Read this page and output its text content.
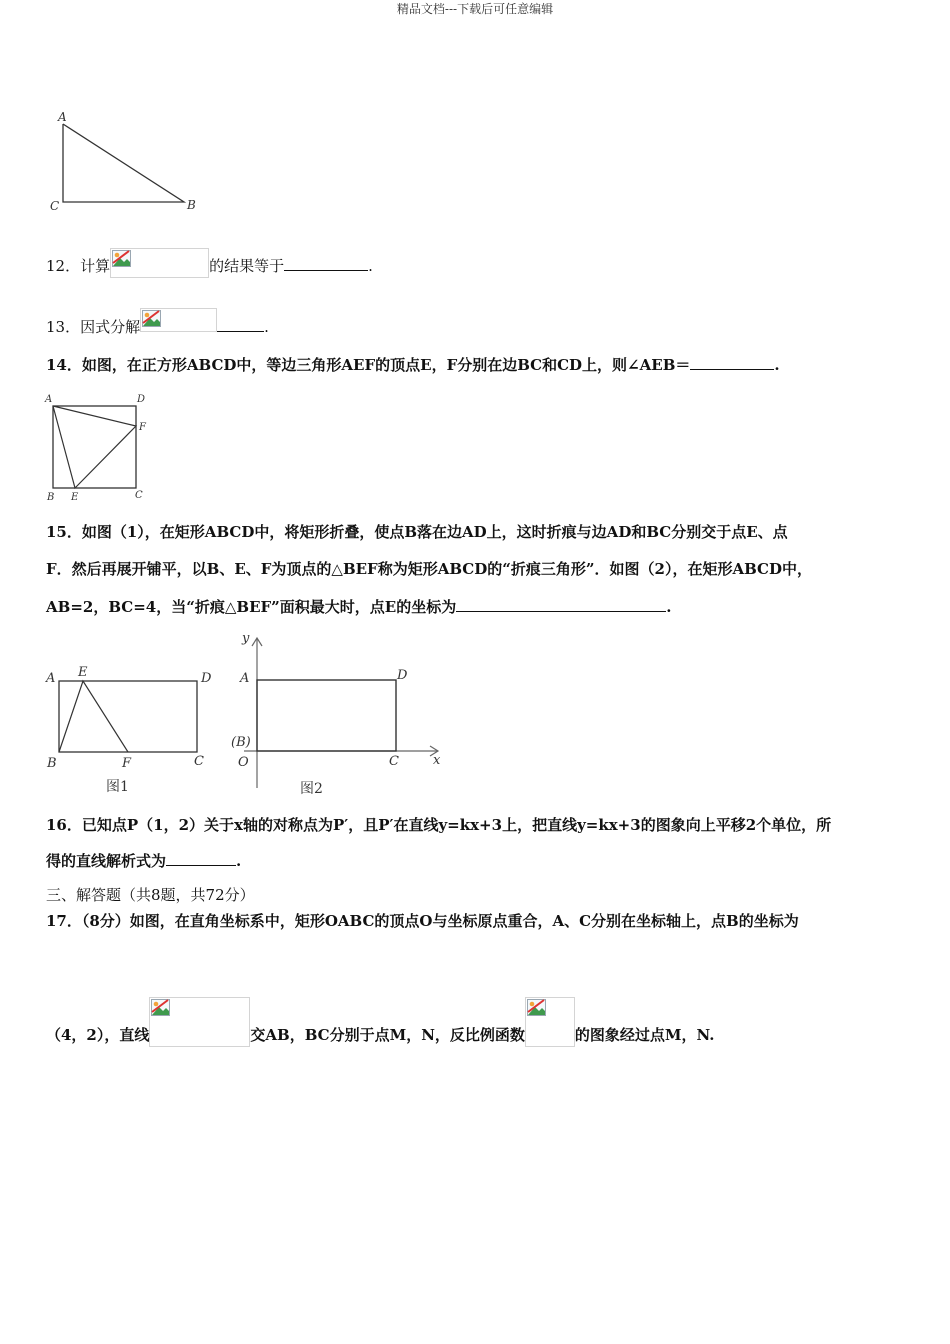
精品文档---下载后可任意编辑
A
C	B
12．计算	的结果等于	.
13．因式分解	.
14．如图，在正方形ABCD中，等边三角形AEF的顶点E，F分别在边BC和CD上，则∠AEB＝	.
A	D
F
B E	C
15．如图（1），在矩形ABCD中，将矩形折叠，使点B落在边AD上，这时折痕与边AD和BC分别交于点E、点
F．然后再展开铺平，以B、E、F为顶点的△BEF称为矩形ABCD的“折痕三角形”．如图（2），在矩形ABCD中，
AB=2，BC=4，当“折痕△BEF”面积最大时，点E的坐标为	.
A E	D
B	F	C
图1
y
A	D
(B)
O	C	x
图2
16．已知点P（1，2）关于x轴的对称点为P′，且P′在直线y=kx+3上，把直线y=kx+3的图象向上平移2个单位，所
得的直线解析式为	.
三、解答题（共8题，共72分）
17．（8分）如图，在直角坐标系中，矩形OABC的顶点O与坐标原点重合，A、C分别在坐标轴上，点B的坐标为
（4，2），直线	交AB，BC分别于点M，N，反比例函数	的图象经过点M，N.
